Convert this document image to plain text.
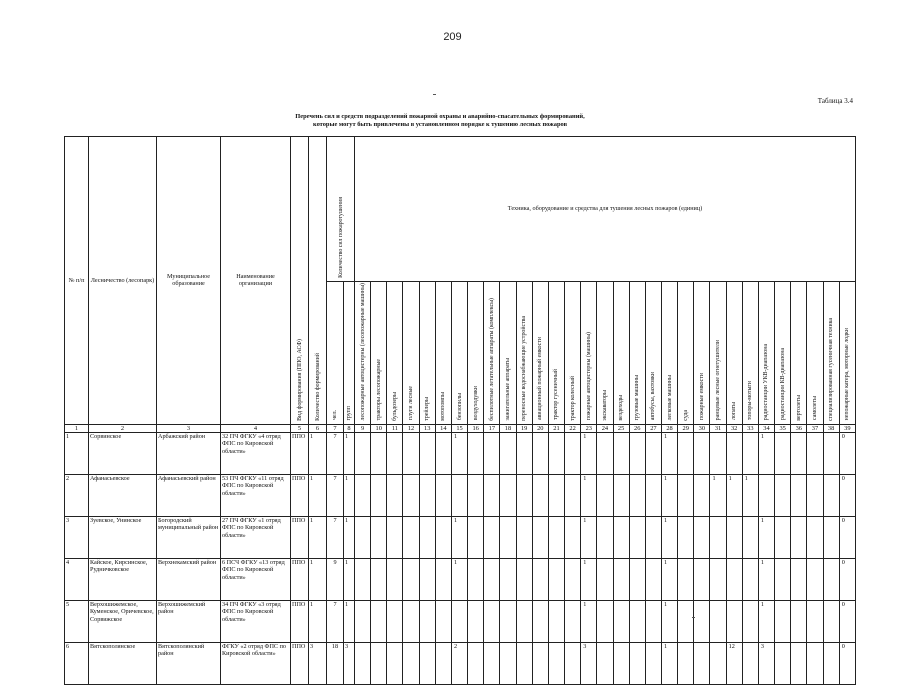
209
Таблица 3.4
Перечень сил и средств подразделений пожарной охраны и аварийно-спасательных формирований,
которые могут быть привлечены в установленном порядке к тушению лесных пожаров
№ п/п	Лесничество (лесопарк)	Муниципальное образование	Наименование организации	Вид формирования (ППО, АСФ)	Количество формирований	Количество сил пожаротушения		Техника, оборудование и средства для тушения лесных пожаров (единиц)																														
						чел.	групп	лесопожарные автоцистерны (лесопожарные машины)	тракторы лесопожарные	бульдозеры	плуги лесные	трейлеры	мотопомпы	бензопилы	воздуходувки	беспилотные летательные аппараты (комплексы)	зажигательные аппараты	переносные водоснабжающие устройства	авиационный пожарный емкости	трактор гусеничный	трактор колесный	пожарные автоцистерны (машины)	экскаваторы	вездеходы	грузовые машины	автобусы, вахтовки	легковые машины	суда	пожарные емкости	ранцевые лесные огнетушители	лопаты	топоры-мотыги	радиостанции УКВ-диапазона	радиостанции КВ-диапазона	вертолеты	самолеты	специализированная гусеничная техника	непожарные катера, моторные лодки

1	2	3	4	5	6	7	8	9	10	11	12	13	14	15	16	17	18	19	20	21	22	23	24	25	26	27	28	29	30	31	32	33	34	35	36	37	38	39
1	Сорвинское	Арбажский район	32 ПЧ ФГКУ «4 отряд ФПС по Кировской области»	ППО	1	7	1							1								1					1						1					0
2	Афанасьевское	Афанасьевский район	53 ПЧ ФГКУ «11 отряд ФПС по Кировской области»	ППО	1	7	1															1					1			1	1	1						0
3	Зуевское, Унинское	Богородский муниципальный район	27 ПЧ ФГКУ «1 отряд ФПС по Кировской области»	ППО	1	7	1							1								1					1						1					0
4	Кайское, Кирсинское, Рудничковское	Верхнекамский район	6 ПСЧ ФГКУ «13 отряд ФПС по Кировской области»	ППО	1	9	1							1								1					1						1					0
5	Верхошижемское, Куменское, Оричевское, Сорвижское	Верхошижемский район	34 ПЧ ФГКУ «3 отряд ФПС по Кировской области»	ППО	1	7	1															1					1						1					0
6	Вятскополянское	Вятскополянский район	ФГКУ «2 отряд ФПС по Кировской области»	ППО	3	18	3							2								3					1				12		3					0
